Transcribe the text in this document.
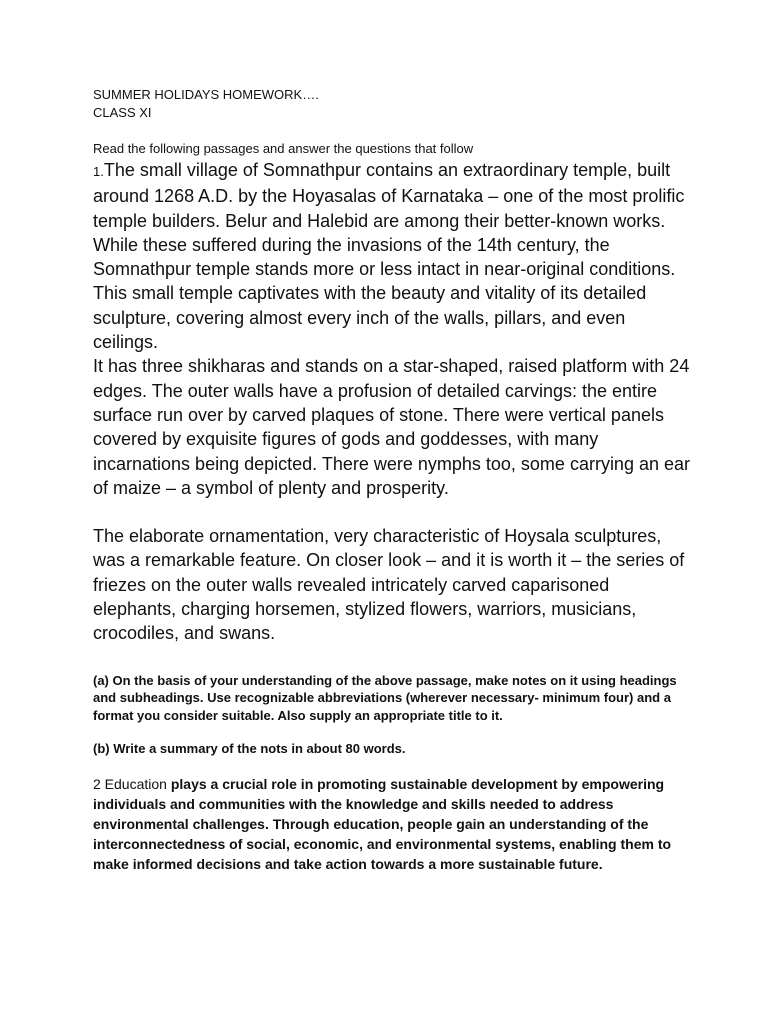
SUMMER HOLIDAYS HOMEWORK….

CLASS XI

Read the following passages and answer the questions that follow

1.The small village of Somnathpur contains an extraordinary temple, built around 1268 A.D. by the Hoyasalas of Karnataka – one of the most prolific temple builders. Belur and Halebid are among their better-known works. While these suffered during the invasions of the 14th century, the Somnathpur temple stands more or less intact in near-original conditions. This small temple captivates with the beauty and vitality of its detailed sculpture, covering almost every inch of the walls, pillars, and even ceilings.

It has three shikharas and stands on a star-shaped, raised platform with 24 edges. The outer walls have a profusion of detailed carvings: the entire surface run over by carved plaques of stone. There were vertical panels covered by exquisite figures of gods and goddesses, with many incarnations being depicted. There were nymphs too, some carrying an ear of maize – a symbol of plenty and prosperity.

The elaborate ornamentation, very characteristic of Hoysala sculptures, was a remarkable feature. On closer look – and it is worth it – the series of friezes on the outer walls revealed intricately carved caparisoned elephants, charging horsemen, stylized flowers, warriors, musicians, crocodiles, and swans.

(a) On the basis of your understanding of the above passage, make notes on it using headings and subheadings. Use recognizable abbreviations (wherever necessary- minimum four) and a format you consider suitable. Also supply an appropriate title to it.

(b) Write a summary of the nots in about 80 words.

2 Education plays a crucial role in promoting sustainable development by empowering individuals and communities with the knowledge and skills needed to address environmental challenges. Through education, people gain an understanding of the interconnectedness of social, economic, and environmental systems, enabling them to make informed decisions and take action towards a more sustainable future.
